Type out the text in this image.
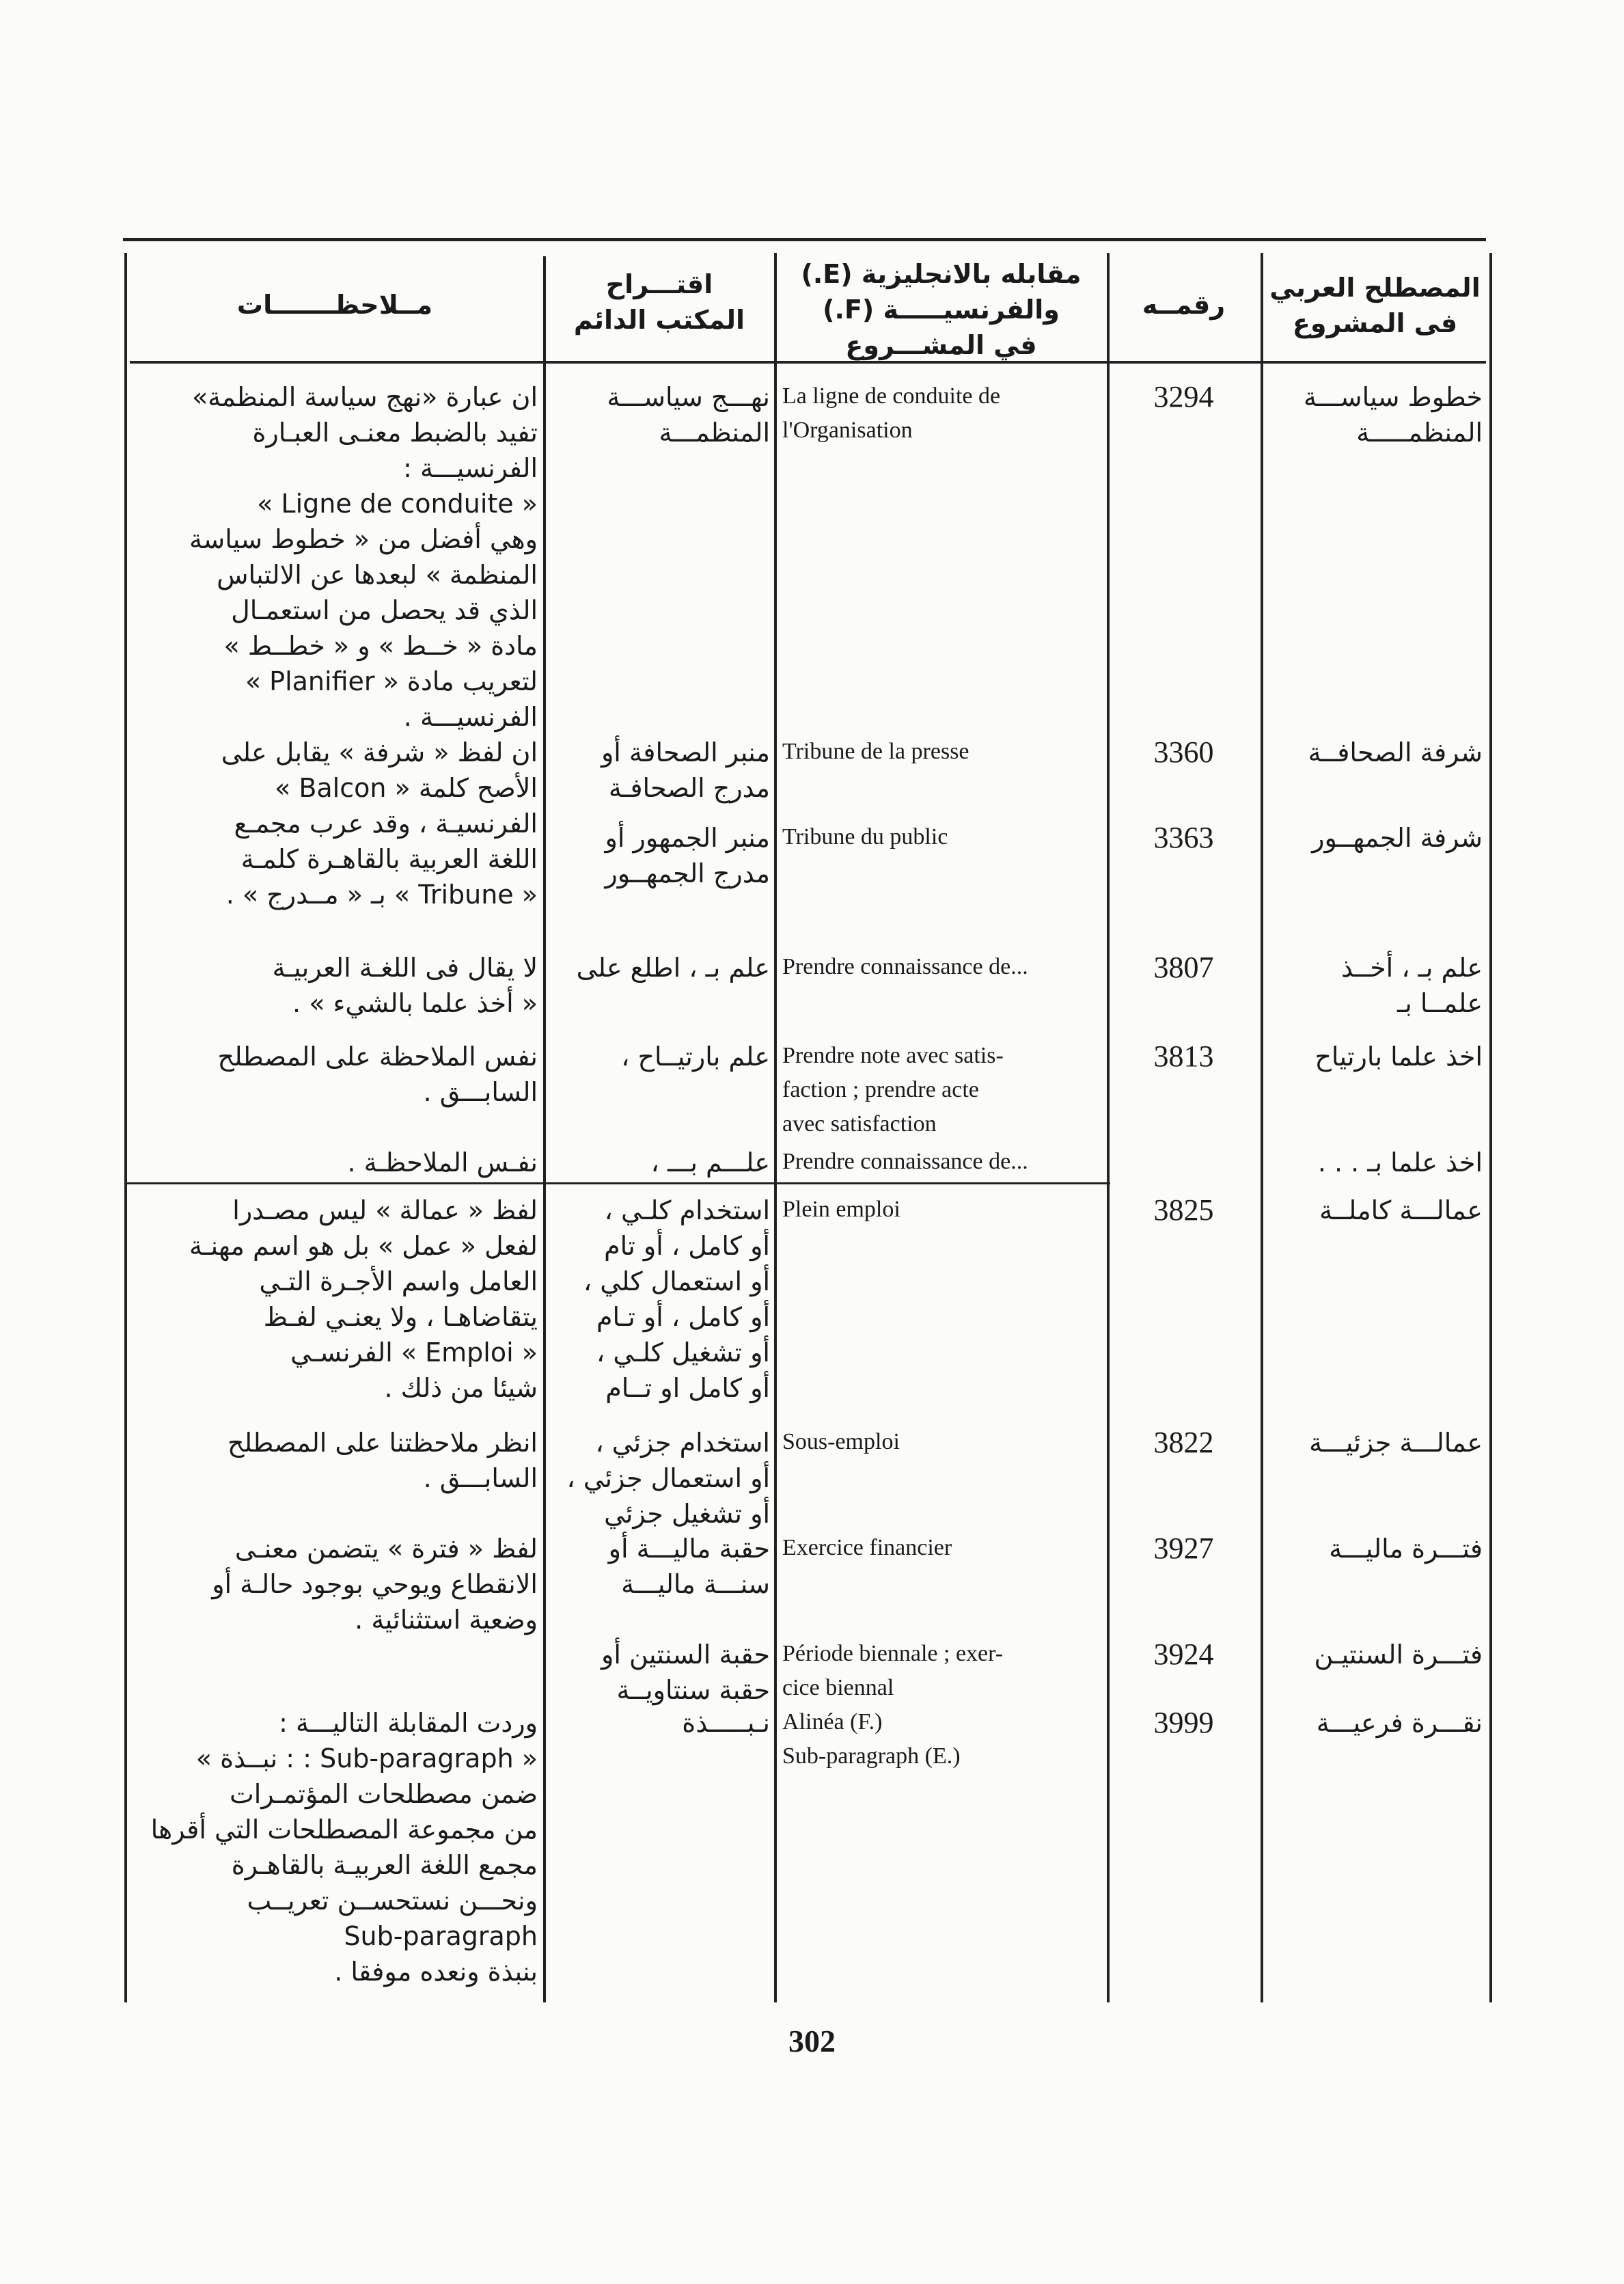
مــلاحظـــــــات
اقتـــراح
المكتب الدائم
مقابله بالانجليزية (E.)
والفرنسيـــــة (F.)
في المشـــروع
رقمــه
المصطلح العربي
فى المشروع
خطوط سياســـة
المنظمـــــة
3294
La ligne de conduite de
l'Organisation
نهـــج سياســـة
المنظمـــة
ان عبارة «نهج سياسة المنظمة»
تفيد بالضبط معنـى العبـارة
الفرنسيـــة :
« Ligne de conduite »
وهي أفضل من « خطوط سياسة
المنظمة » لبعدها عن الالتباس
الذي قد يحصل من استعمـال
مادة « خــط » و « خطــط »
لتعريب مادة « Planifier »
الفرنسيـــة .
شرفة الصحافــة
3360
Tribune de la presse
منبر الصحافة أو
مدرج الصحافـة
ان لفظ « شرفة » يقابل على
الأصح كلمة « Balcon »
الفرنسيـة ، وقد عرب مجمـع
اللغة العربية بالقاهـرة كلمـة
« Tribune » بـ « مــدرج » .
شرفة الجمهــور
3363
Tribune du public
منبر الجمهور أو
مدرج الجمهــور
علم بـ ، أخــذ
علمــا بـ
3807
Prendre connaissance de...
علم بـ ، اطلع على
لا يقال فى اللغـة العربيـة
« أخذ علما بالشيء » .
اخذ علما بارتياح
3813
Prendre note avec satis-
faction ; prendre acte
avec satisfaction
علم بارتيــاح ،
نفس الملاحظة على المصطلح
السابـــق .
اخذ علما بـ . . .
Prendre connaissance de...
علـــم بـــ ،
نفـس الملاحظـة .
عمالـــة كاملــة
3825
Plein emploi
استخدام كلـي ،
أو كامل ، أو تام
أو استعمال كلي ،
أو كامل ، أو تـام
أو تشغيل كلـي ،
أو كامل او تــام
لفظ « عمالة » ليس مصـدرا
لفعل « عمل » بل هو اسم مهنـة
العامل واسم الأجـرة التـي
يتقاضاهـا ، ولا يعنـي لفـظ
« Emploi » الفرنسـي
شيئا من ذلك .
عمالـــة جزئيـــة
3822
Sous-emploi
استخدام جزئي ،
أو استعمال جزئي ،
أو تشغيل جزئي
انظر ملاحظتنا على المصطلح
السابـــق .
فتـــرة ماليـــة
3927
Exercice financier
حقبة ماليـــة أو
سنـــة ماليـــة
لفظ « فترة » يتضمن معنـى
الانقطاع ويوحي بوجود حالـة أو
وضعية استثنائية .
فتـــرة السنتيـن
3924
Période biennale ; exer-
cice biennal
حقبة السنتين أو
حقبة سنتاويــة
نقـــرة فرعيـــة
3999
Alinéa (F.)
Sub-paragraph (E.)
نـبـــــذة
وردت المقابلة التاليـــة :
« Sub-paragraph : : نبــذة »
ضمن مصطلحات المؤتمـرات
من مجموعة المصطلحات التي أقرها
مجمع اللغة العربيـة بالقاهـرة
ونحـــن نستحســن تعريــب
Sub-paragraph
بنبذة ونعده موفقا .
302
